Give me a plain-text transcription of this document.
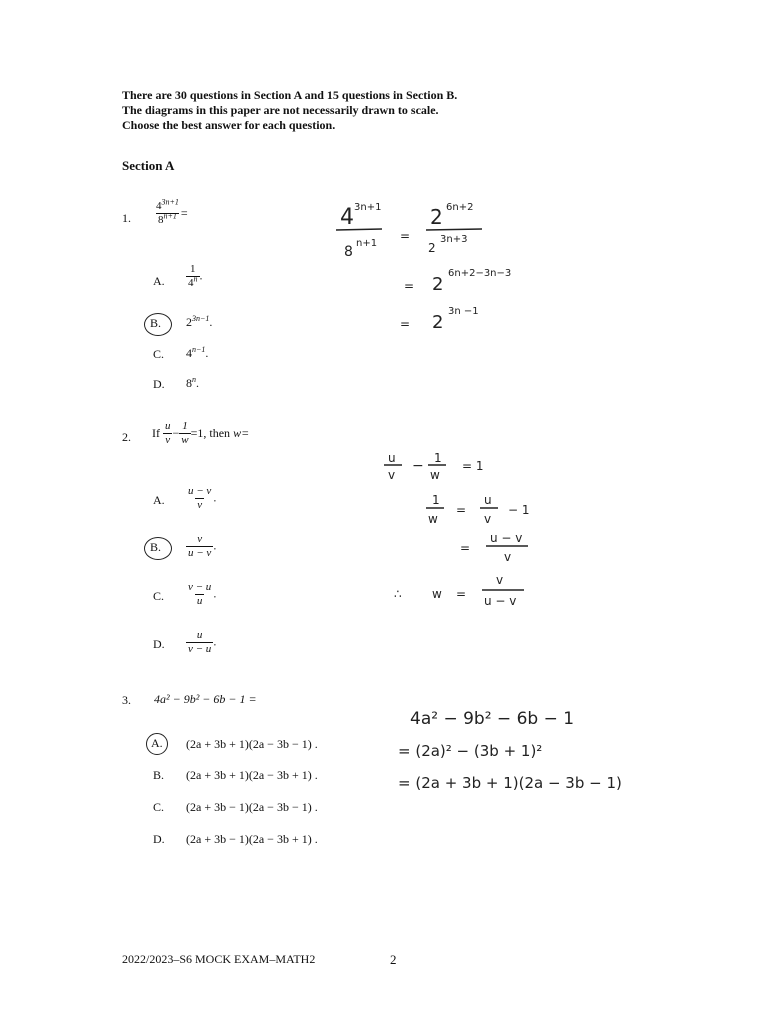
There are 30 questions in Section A and 15 questions in Section B.
The diagrams in this paper are not necessarily drawn to scale.
Choose the best answer for each question.
Section A
1. $\frac{4^{3n+1}}{8^{n+1}}$ =
A. $\frac{1}{4^n}$ .
B. $2^{3n-1}$.
C. $4^{n-1}$.
D. 8$^n$.
4 3n+1
8
n+1
=
2 6n+2
2
3n+3
= 2
6n+2−3n−3
= 2
3n −1
2. If $\frac{u}{v} - \frac{1}{w} =1$, then w=
A. $\frac{u - v}{v}$ .
B. $\frac{v}{u - v}$ .
C. $\frac{v - u}{u}$ .
D. $\frac{u}{v - u}$ .
u
v
− 1
w
= 1
1
w
=
u
v
− 1
=
u − v
v
∴	w =
v
u − v
3. 4a² − 9b² − 6b − 1 =
A. (2a + 3b + 1)(2a − 3b − 1) .
B. (2a + 3b + 1)(2a − 3b + 1) .
C. (2a + 3b − 1)(2a − 3b − 1) .
D. (2a + 3b − 1)(2a − 3b + 1) .
4a² − 9b² − 6b − 1
= (2a)² − (3b + 1)²
= (2a + 3b + 1)(2a − 3b − 1)
2022/2023–S6 MOCK EXAM–MATH2	2
